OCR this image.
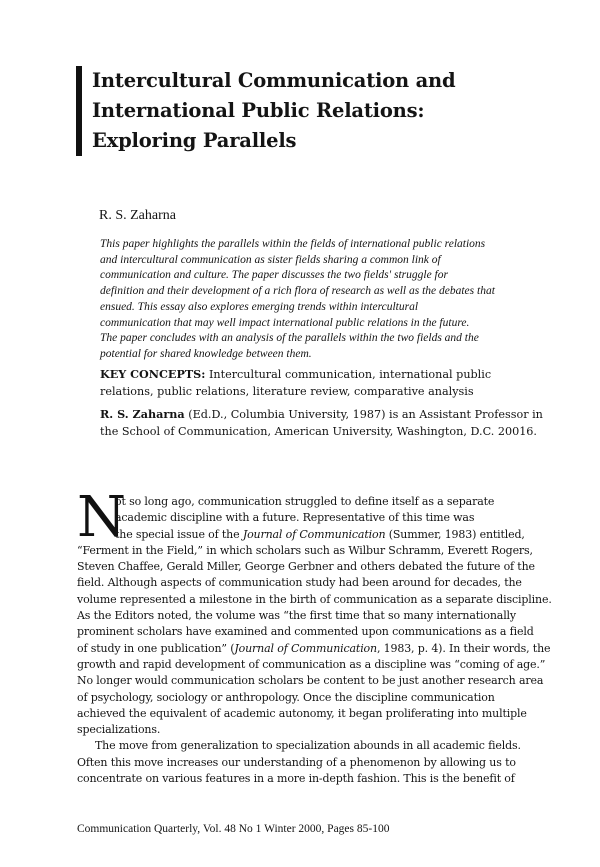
Intercultural Communication and
International Public Relations:
Exploring Parallels
R. S. Zaharna
This paper highlights the parallels within the fields of international public relations
and intercultural communication as sister fields sharing a common link of
communication and culture. The paper discusses the two fields' struggle for
definition and their development of a rich flora of research as well as the debates that
ensued. This essay also explores emerging trends within intercultural
communication that may well impact international public relations in the future.
The paper concludes with an analysis of the parallels within the two fields and the
potential for shared knowledge between them.
KEY CONCEPTS: Intercultural communication, international public
relations, public relations, literature review, comparative analysis
R. S. Zaharna (Ed.D., Columbia University, 1987) is an Assistant Professor in
the School of Communication, American University, Washington, D.C. 20016.
N
ot so long ago, communication struggled to define itself as a separate
academic discipline with a future. Representative of this time was
the special issue of the Journal of Communication (Summer, 1983) entitled,
“Ferment in the Field,” in which scholars such as Wilbur Schramm, Everett Rogers,
Steven Chaffee, Gerald Miller, George Gerbner and others debated the future of the
field. Although aspects of communication study had been around for decades, the
volume represented a milestone in the birth of communication as a separate discipline.
As the Editors noted, the volume was “the first time that so many internationally
prominent scholars have examined and commented upon communications as a field
of study in one publication” (Journal of Communication, 1983, p. 4). In their words, the
growth and rapid development of communication as a discipline was “coming of age.”
No longer would communication scholars be content to be just another research area
of psychology, sociology or anthropology. Once the discipline communication
achieved the equivalent of academic autonomy, it began proliferating into multiple
specializations.
The move from generalization to specialization abounds in all academic fields.
Often this move increases our understanding of a phenomenon by allowing us to
concentrate on various features in a more in-depth fashion. This is the benefit of
Communication Quarterly, Vol. 48 No 1 Winter 2000, Pages 85-100
